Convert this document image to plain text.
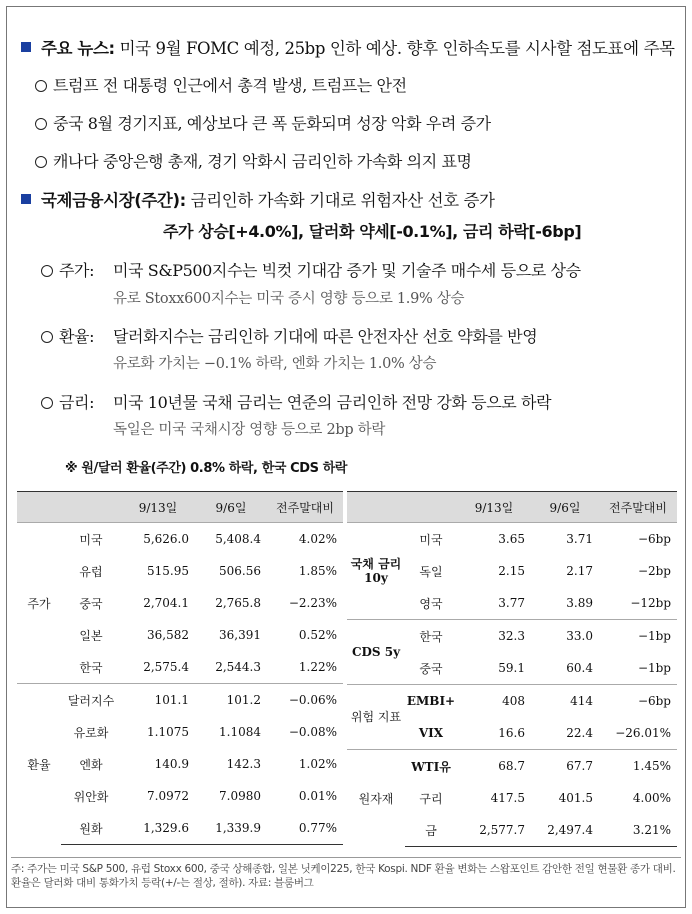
주요 뉴스: 미국 9월 FOMC 예정, 25bp 인하 예상. 향후 인하속도를 시사할 점도표에 주목
트럼프 전 대통령 인근에서 총격 발생, 트럼프는 안전
중국 8월 경기지표, 예상보다 큰 폭 둔화되며 성장 악화 우려 증가
캐나다 중앙은행 총재, 경기 악화시 금리인하 가속화 의지 표명
국제금융시장(주간): 금리인하 가속화 기대로 위험자산 선호 증가
주가 상승[+4.0%], 달러화 약세[-0.1%], 금리 하락[-6bp]
주가: 미국 S&P500지수는 빅컷 기대감 증가 및 기술주 매수세 등으로 상승
유로 Stoxx600지수는 미국 증시 영향 등으로 1.9% 상승
환율: 달러화지수는 금리인하 기대에 따른 안전자산 선호 약화를 반영
유로화 가치는 −0.1% 하락, 엔화 가치는 1.0% 상승
금리: 미국 10년물 국채 금리는 연준의 금리인하 전망 강화 등으로 하락
독일은 미국 국채시장 영향 등으로 2bp 하락
※ 원/달러 환율(주간) 0.8% 하락, 한국 CDS 하락
		9/13일	9/6일	전주말대비
주가	미국	5,626.0	5,408.4	4.02%
	유럽	515.95	506.56	1.85%
	중국	2,704.1	2,765.8	−2.23%
	일본	36,582	36,391	0.52%
	한국	2,575.4	2,544.3	1.22%
환율	달러지수	101.1	101.2	−0.06%
	유로화	1.1075	1.1084	−0.08%
	엔화	140.9	142.3	1.02%
	위안화	7.0972	7.0980	0.01%
	원화	1,329.6	1,339.9	0.77%
		9/13일	9/6일	전주말대비
국채 금리 10y	미국	3.65	3.71	−6bp
	독일	2.15	2.17	−2bp
	영국	3.77	3.89	−12bp
CDS 5y	한국	32.3	33.0	−1bp
	중국	59.1	60.4	−1bp
위험 지표	EMBI+	408	414	−6bp
	VIX	16.6	22.4	−26.01%
원자재	WTI유	68.7	67.7	1.45%
	구리	417.5	401.5	4.00%
	금	2,577.7	2,497.4	3.21%
주: 주가는 미국 S&P 500, 유럽 Stoxx 600, 중국 상해종합, 일본 닛케이225, 한국 Kospi. NDF 환율 변화는 스왑포인트 감안한 전일 현물환 종가 대비. 환율은 달러화 대비 통화가치 등락(+/-는 절상, 절하). 자료: 블룸버그
